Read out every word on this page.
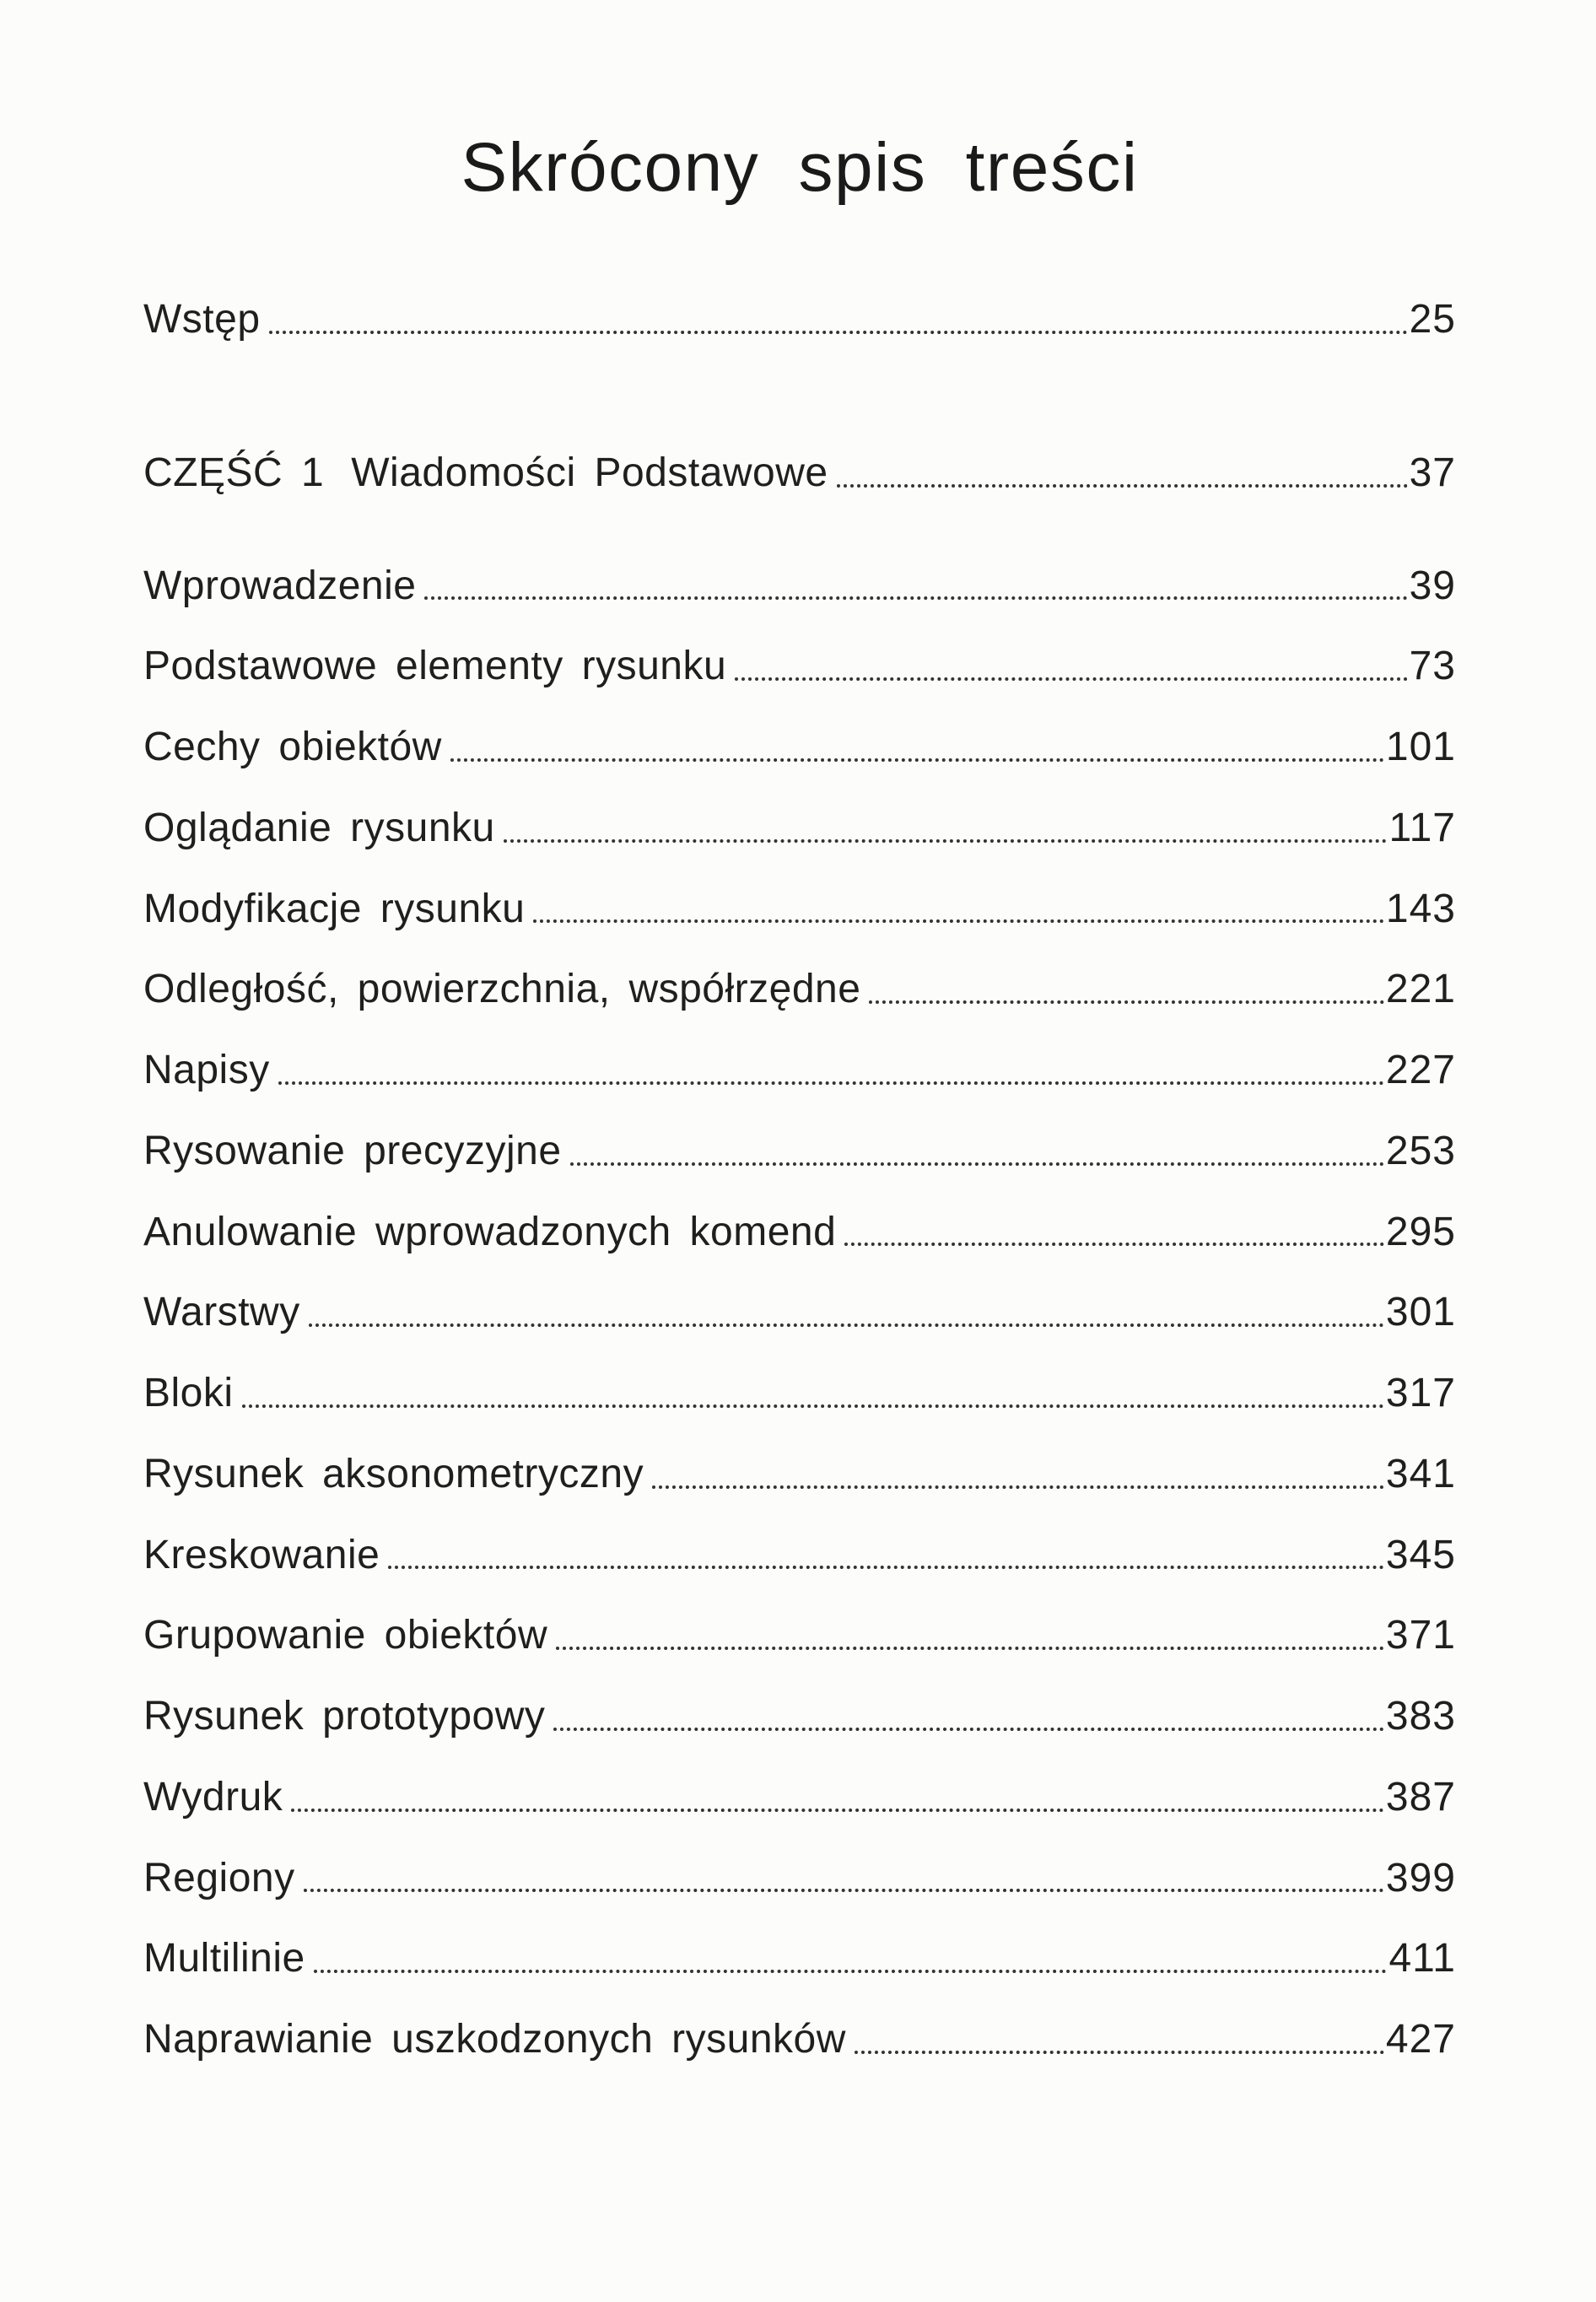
Skrócony spis treści
Wstęp	25
CZĘŚĆ 1 Wiadomości Podstawowe	37
Wprowadzenie	39
Podstawowe elementy rysunku	73
Cechy obiektów	101
Oglądanie rysunku	117
Modyfikacje rysunku	143
Odległość, powierzchnia, współrzędne	221
Napisy	227
Rysowanie precyzyjne	253
Anulowanie wprowadzonych komend	295
Warstwy	301
Bloki	317
Rysunek aksonometryczny	341
Kreskowanie	345
Grupowanie obiektów	371
Rysunek prototypowy	383
Wydruk	387
Regiony	399
Multilinie	411
Naprawianie uszkodzonych rysunków	427
